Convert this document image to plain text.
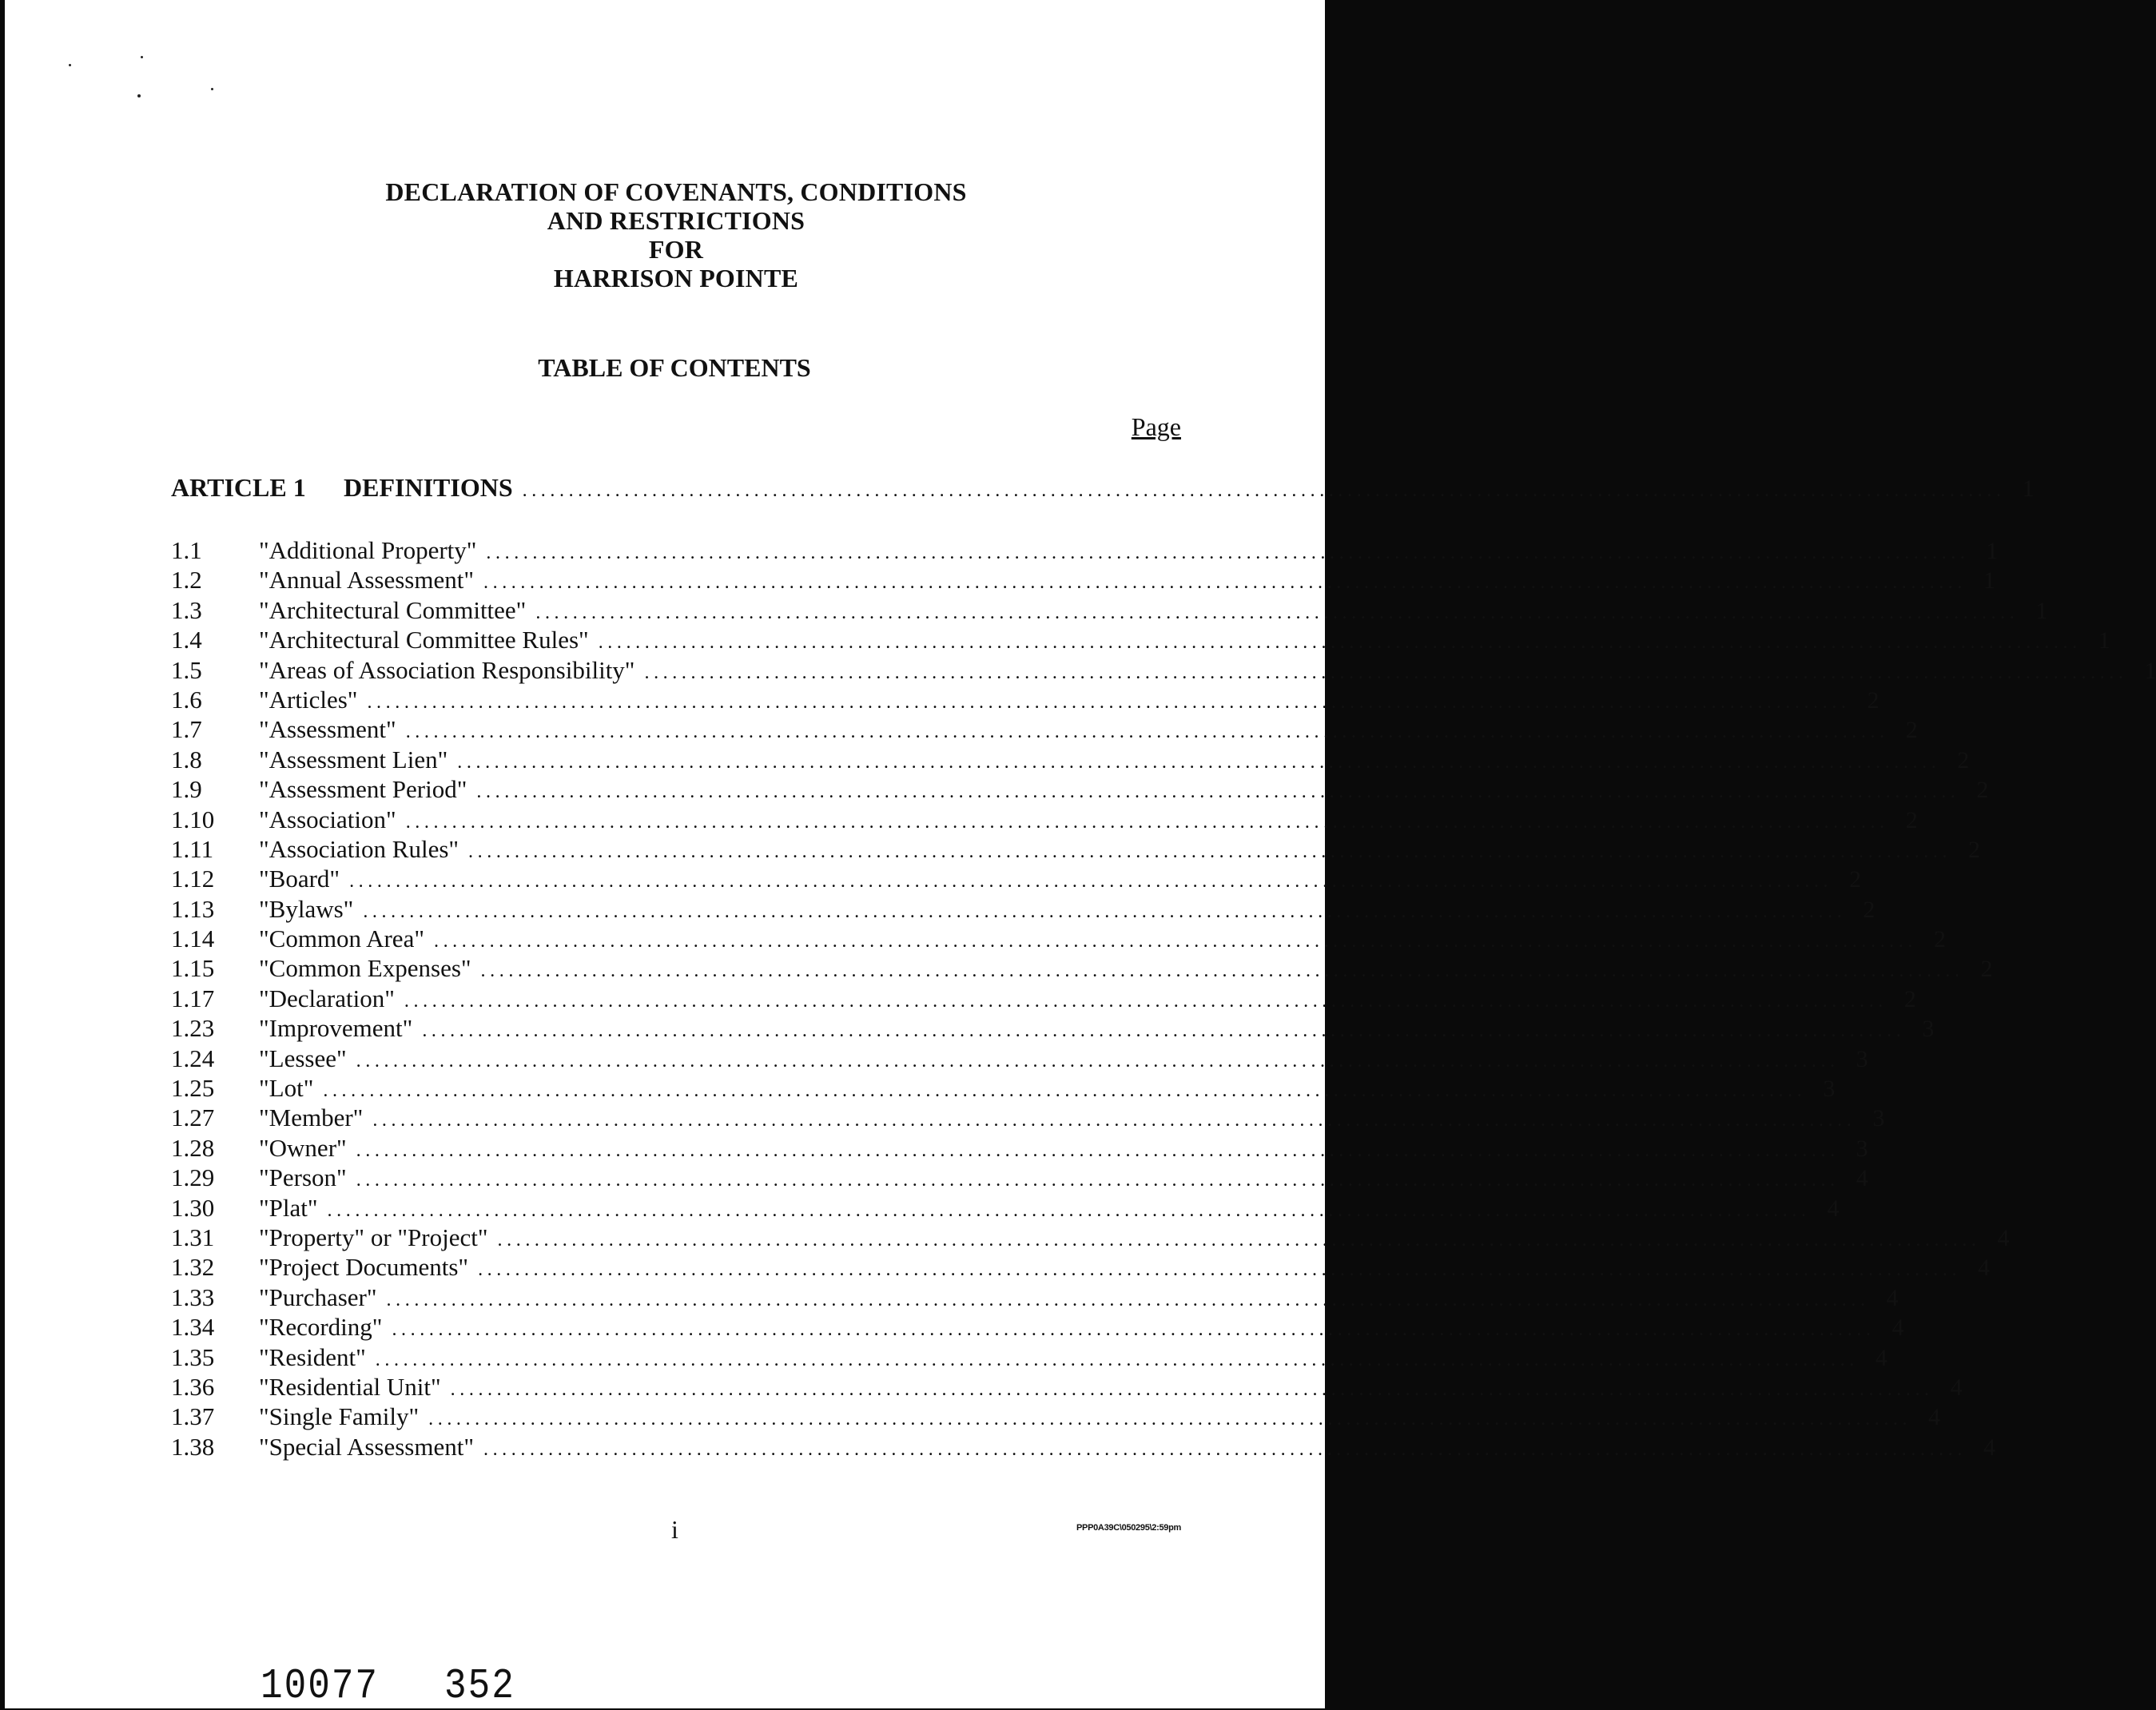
DECLARATION OF COVENANTS, CONDITIONS
AND RESTRICTIONS
FOR
HARRISON POINTE
TABLE OF CONTENTS
Page
ARTICLE 1	DEFINITIONS ................................................................................................................................................................ 1
1.1	"Additional Property" ................................................................................................................................................................ 1
1.2	"Annual Assessment" ................................................................................................................................................................ 1
1.3	"Architectural Committee" ................................................................................................................................................................ 1
1.4	"Architectural Committee Rules" ................................................................................................................................................................ 1
1.5	"Areas of Association Responsibility" ................................................................................................................................................................ 1
1.6	"Articles" ................................................................................................................................................................ 2
1.7	"Assessment" ................................................................................................................................................................ 2
1.8	"Assessment Lien" ................................................................................................................................................................ 2
1.9	"Assessment Period" ................................................................................................................................................................ 2
1.10	"Association" ................................................................................................................................................................ 2
1.11	"Association Rules" ................................................................................................................................................................ 2
1.12	"Board" ................................................................................................................................................................ 2
1.13	"Bylaws" ................................................................................................................................................................ 2
1.14	"Common Area" ................................................................................................................................................................ 2
1.15	"Common Expenses" ................................................................................................................................................................ 2
1.17	"Declaration" ................................................................................................................................................................ 2
1.23	"Improvement" ................................................................................................................................................................ 3
1.24	"Lessee" ................................................................................................................................................................ 3
1.25	"Lot" ................................................................................................................................................................ 3
1.27	"Member" ................................................................................................................................................................ 3
1.28	"Owner" ................................................................................................................................................................ 3
1.29	"Person" ................................................................................................................................................................ 4
1.30	"Plat" ................................................................................................................................................................ 4
1.31	"Property" or "Project" ................................................................................................................................................................ 4
1.32	"Project Documents" ................................................................................................................................................................ 4
1.33	"Purchaser" ................................................................................................................................................................ 4
1.34	"Recording" ................................................................................................................................................................ 4
1.35	"Resident" ................................................................................................................................................................ 4
1.36	"Residential Unit" ................................................................................................................................................................ 4
1.37	"Single Family" ................................................................................................................................................................ 4
1.38	"Special Assessment" ................................................................................................................................................................ 4
i	PPP0A39C\050295\2:59pm
10077 352
